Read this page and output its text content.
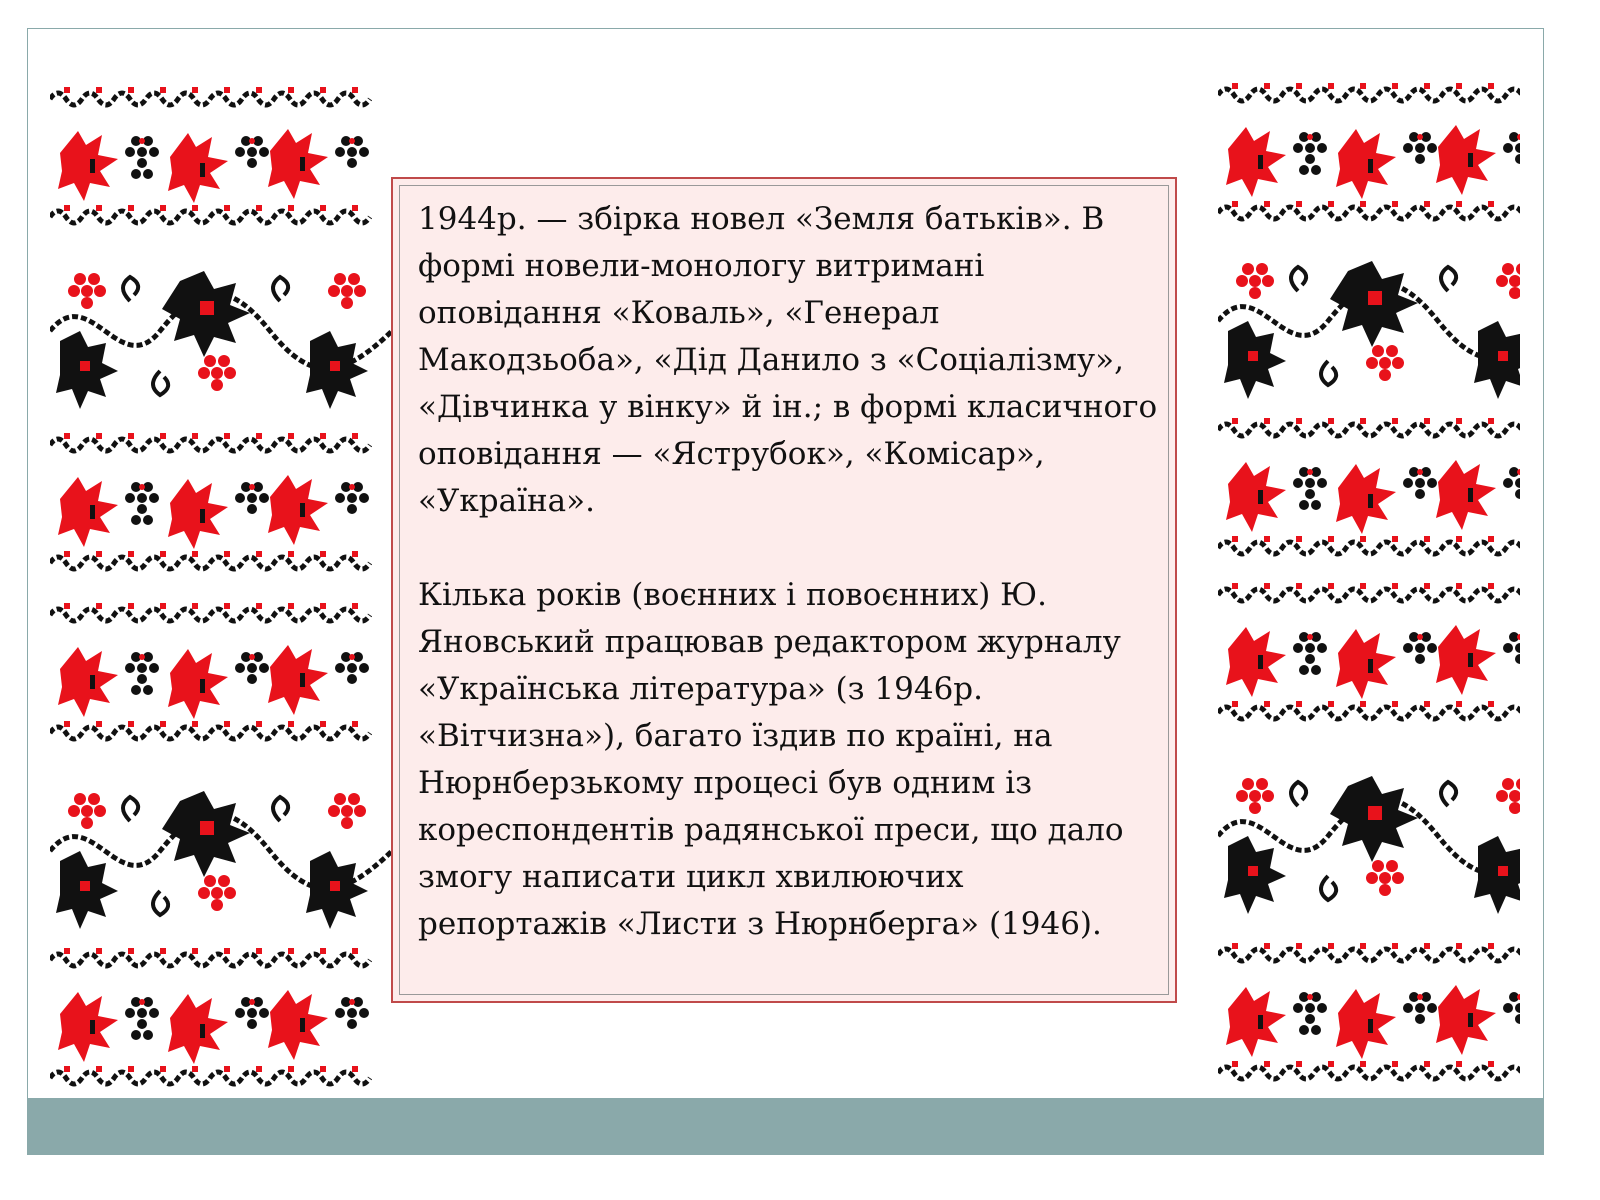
1944р. — збірка новел «Земля батьків». В формі новели-монологу витримані оповідання «Коваль», «Генерал Макодзьоба», «Дід Данило з «Соціалізму», «Дівчинка у вінку» й ін.; в формі класичного оповідання — «Яструбок», «Комісар», «Україна».

Кілька років (воєнних і повоєнних) Ю. Яновський працював редактором журналу «Українська література» (з 1946р. «Вітчизна»), багато їздив по країні, на Нюрнберзькому процесі був одним із кореспондентів радянської преси, що дало змогу написати цикл хвилюючих репортажів «Листи з Нюрнберга» (1946).
